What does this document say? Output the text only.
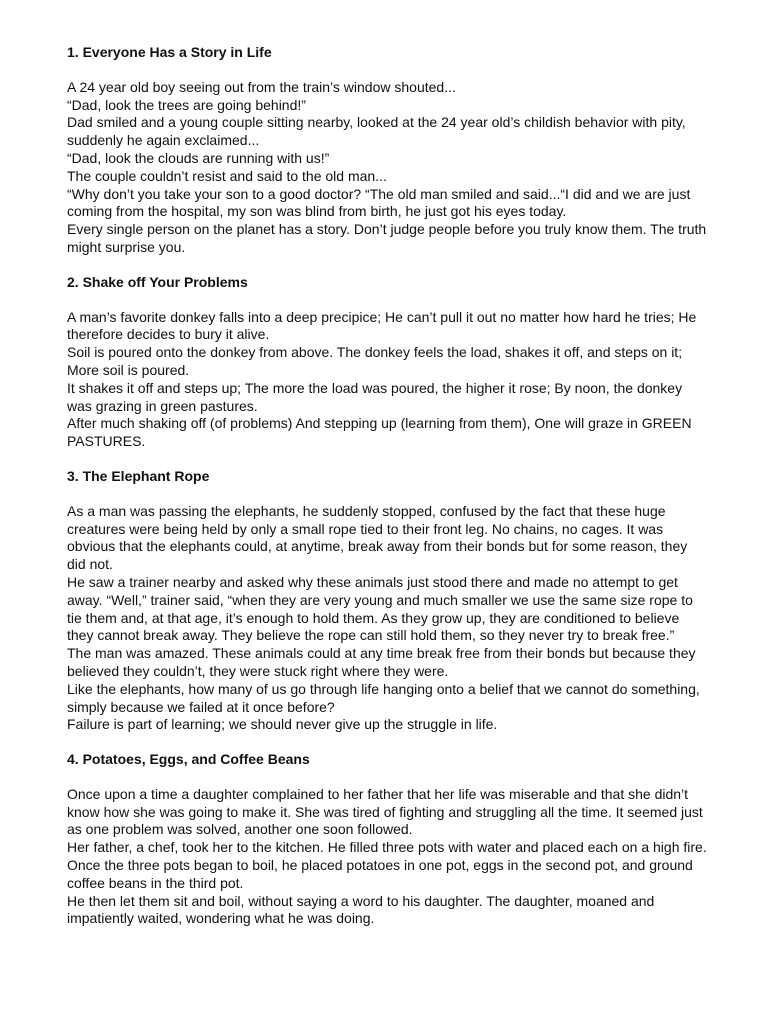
1. Everyone Has a Story in Life

A 24 year old boy seeing out from the train’s window shouted...

“Dad, look the trees are going behind!”

Dad smiled and a young couple sitting nearby, looked at the 24 year old’s childish behavior with pity, suddenly he again exclaimed...

“Dad, look the clouds are running with us!”

The couple couldn’t resist and said to the old man...

“Why don’t you take your son to a good doctor? “The old man smiled and said...“I did and we are just coming from the hospital, my son was blind from birth, he just got his eyes today.

Every single person on the planet has a story. Don’t judge people before you truly know them. The truth might surprise you.

2. Shake off Your Problems

A man’s favorite donkey falls into a deep precipice; He can’t pull it out no matter how hard he tries; He therefore decides to bury it alive.

Soil is poured onto the donkey from above. The donkey feels the load, shakes it off, and steps on it; More soil is poured.

It shakes it off and steps up; The more the load was poured, the higher it rose; By noon, the donkey was grazing in green pastures.

After much shaking off (of problems) And stepping up (learning from them), One will graze in GREEN PASTURES.

3. The Elephant Rope

As a man was passing the elephants, he suddenly stopped, confused by the fact that these huge creatures were being held by only a small rope tied to their front leg. No chains, no cages. It was obvious that the elephants could, at anytime, break away from their bonds but for some reason, they did not.

He saw a trainer nearby and asked why these animals just stood there and made no attempt to get away. “Well,” trainer said, “when they are very young and much smaller we use the same size rope to tie them and, at that age, it’s enough to hold them. As they grow up, they are conditioned to believe they cannot break away. They believe the rope can still hold them, so they never try to break free.”

The man was amazed. These animals could at any time break free from their bonds but because they believed they couldn’t, they were stuck right where they were.

Like the elephants, how many of us go through life hanging onto a belief that we cannot do something, simply because we failed at it once before?

Failure is part of learning; we should never give up the struggle in life.

4. Potatoes, Eggs, and Coffee Beans

Once upon a time a daughter complained to her father that her life was miserable and that she didn’t know how she was going to make it. She was tired of fighting and struggling all the time. It seemed just as one problem was solved, another one soon followed.

Her father, a chef, took her to the kitchen. He filled three pots with water and placed each on a high fire. Once the three pots began to boil, he placed potatoes in one pot, eggs in the second pot, and ground coffee beans in the third pot.

He then let them sit and boil, without saying a word to his daughter. The daughter, moaned and impatiently waited, wondering what he was doing.
